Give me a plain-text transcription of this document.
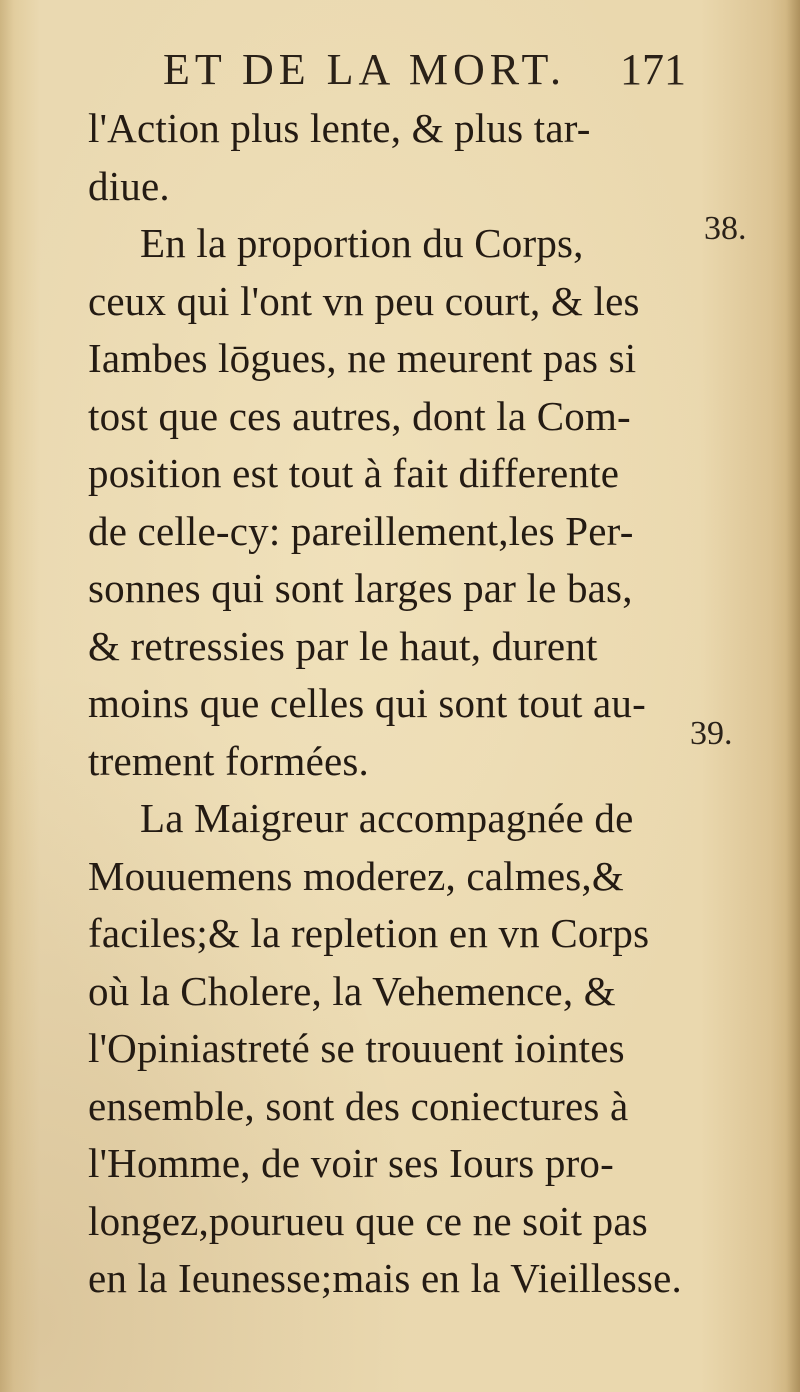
ET DE LA MORT. 171
l'Action plus lente, & plus tar-
diue.
En la proportion du Corps,
ceux qui l'ont vn peu court, & les
Iambes lōgues, ne meurent pas si
tost que ces autres, dont la Com-
position est tout à fait differente
de celle-cy: pareillement,les Per-
sonnes qui sont larges par le bas,
& retressies par le haut, durent
moins que celles qui sont tout au-
trement formées.
La Maigreur accompagnée de
Mouuemens moderez, calmes,&
faciles;& la repletion en vn Corps
où la Cholere, la Vehemence, &
l'Opiniastreté se trouuent iointes
ensemble, sont des coniectures à
l'Homme, de voir ses Iours pro-
longez,pourueu que ce ne soit pas
en la Ieunesse;mais en la Vieillesse.
38.
39.
